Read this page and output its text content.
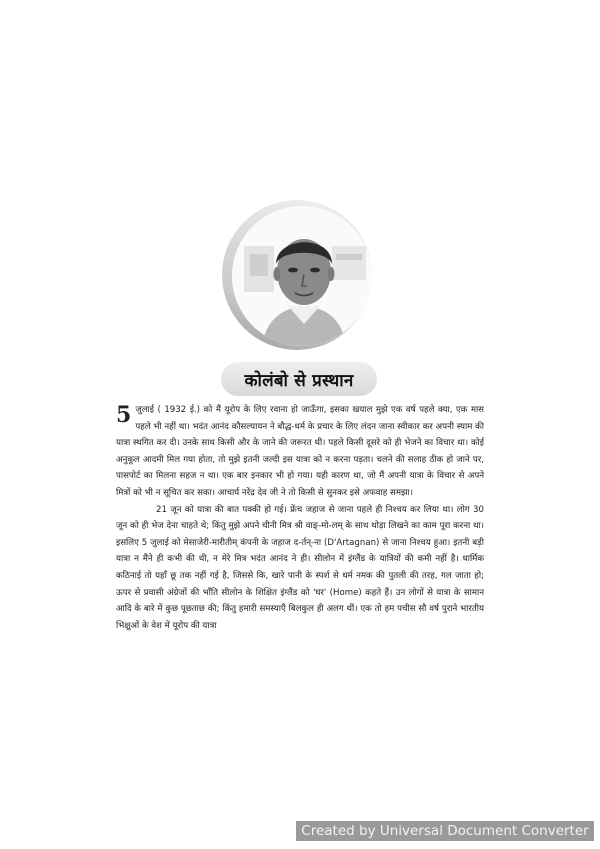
कोलंबो से प्रस्थान

5जुलाई ( 1932 ई.) को मैं यूरोप के लिए रवाना हो जाऊँगा, इसका खयाल मुझे एक वर्ष पहले क्या, एक मास पहले भी नहीं था। भदंत आनंद कौसल्यायन ने बौद्ध-धर्म के प्रचार के लिए लंदन जाना स्वीकार कर अपनी स्याम की यात्रा स्थगित कर दी। उनके साथ किसी और के जाने की जरूरत थी। पहले किसी दूसरे को ही भेजने का विचार था। कोई अनुकूल आदमी मिल गया होता, तो मुझे इतनी जल्दी इस यात्रा को न करना पड़ता। चलने की सलाह ठीक हो जाने पर, पासपोर्ट का मिलना सहज न था। एक बार इनकार भी हो गया। यही कारण था, जो मैं अपनी यात्रा के विचार से अपने मित्रों को भी न सूचित कर सका। आचार्य नरेंद्र देव जी ने तो किसी से सुनकर इसे अफवाह समझा।

21 जून को यात्रा की बात पक्की हो गई। फ्रेंच जहाज से जाना पहले ही निश्चय कर लिया था। लोग 30 जून को ही भेज देना चाहते थे; किंतु मुझे अपने चीनी मित्र श्री वाङ्-मो-लम् के साथ थोड़ा लिखने का काम पूरा करना था। इसलिए 5 जुलाई को मेसाजेरी-मारीतीम् कंपनी के जहाज द-र्तन्-ना (D'Artagnan) से जाना निश्चय हुआ। इतनी बड़ी यात्रा न मैंने ही कभी की थी, न मेरे मित्र भदंत आनंद ने ही। सीलोन में इंग्लैंड के यात्रियों की कमी नहीं है। धार्मिक कठिनाई तो यहाँ छू तक नहीं गई है, जिससे कि, खारे पानी के स्पर्श से धर्म नमक की पुतली की तरह, गल जाता हो; ऊपर से प्रवासी अंग्रेजों की भाँति सीलोन के शिक्षित इंग्लैंड को 'घर' (Home) कहते हैं। उन लोगों से यात्रा के सामान आदि के बारे में कुछ पूछताछ की; किंतु हमारी समस्याएँ बिलकुल ही अलग थीं। एक तो हम पचीस सौ वर्ष पुराने भारतीय भिक्षुओं के वेश में यूरोप की यात्रा

Created by Universal Document Converter
